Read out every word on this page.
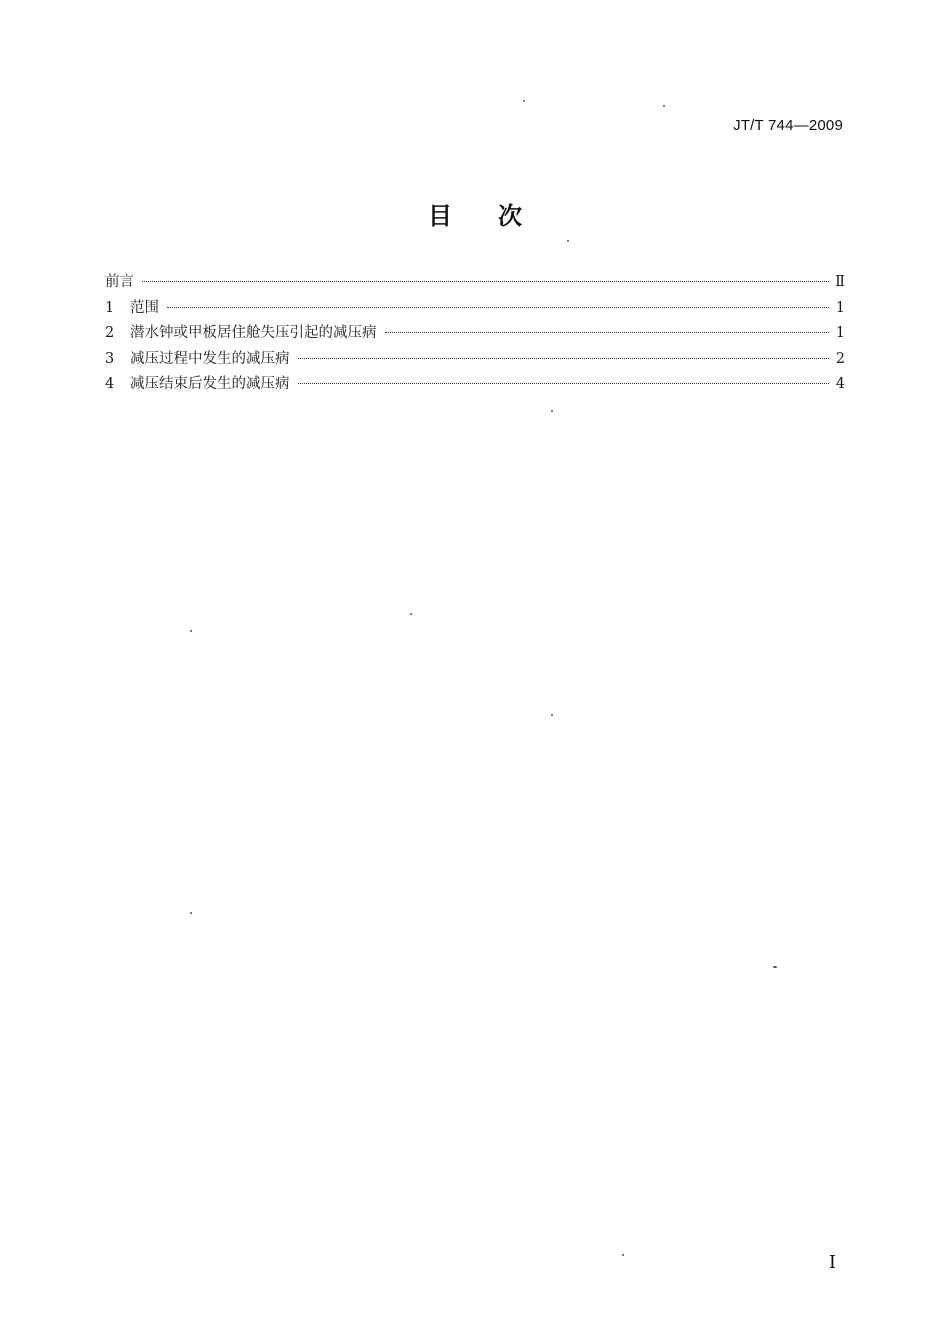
JT/T 744—2009
目次
前言	Ⅱ
1	范围	1
2	潜水钟或甲板居住舱失压引起的减压病	1
3	减压过程中发生的减压病	2
4	减压结束后发生的减压病	4
I
